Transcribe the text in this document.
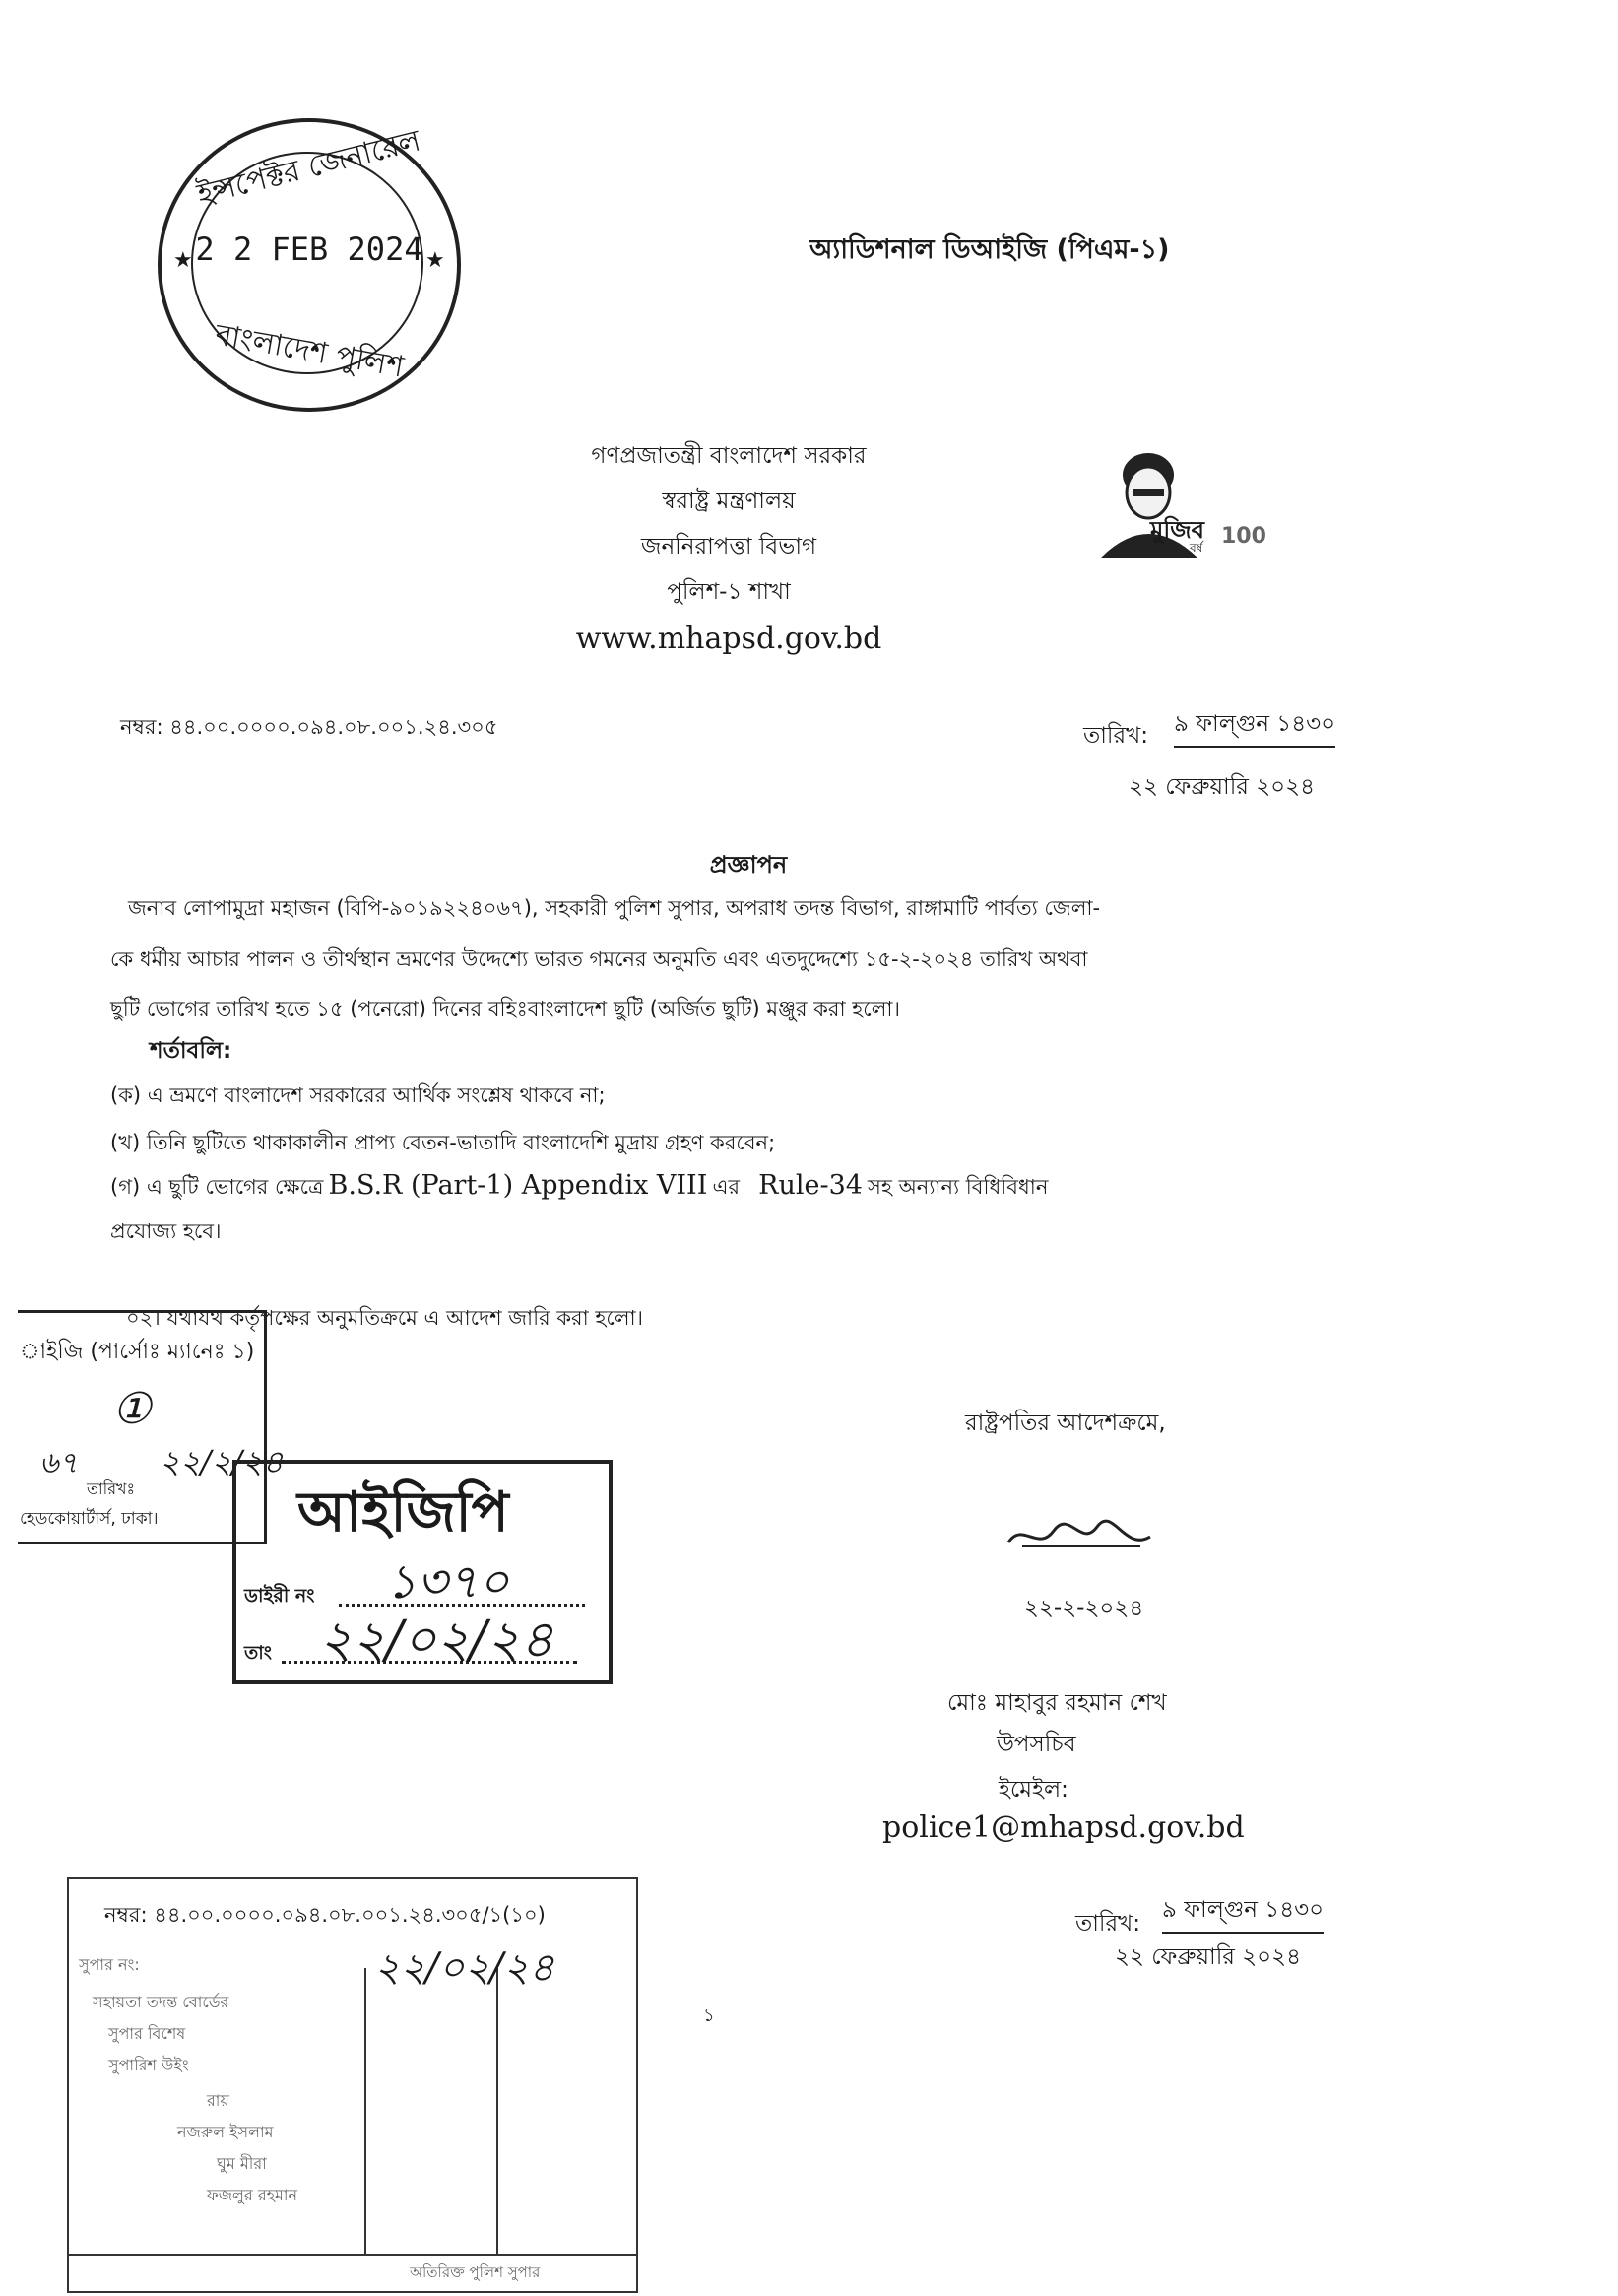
ইন্সপেক্টর জেনারেল
★	★
2 2 FEB 2024
বাংলাদেশ পুলিশ
অ্যাডিশনাল ডিআইজি (পিএম-১)
গণপ্রজাতন্ত্রী বাংলাদেশ সরকার
স্বরাষ্ট্র মন্ত্রণালয়
জননিরাপত্তা বিভাগ
পুলিশ-১ শাখা
www.mhapsd.gov.bd
মুজিব
বর্ষ 100
নম্বর: ৪৪.০০.০০০০.০৯৪.০৮.০০১.২৪.৩০৫	তারিখ: ৯ ফাল্গুন ১৪৩০
২২ ফেব্রুয়ারি ২০২৪
প্রজ্ঞাপন
জনাব লোপামুদ্রা মহাজন (বিপি-৯০১৯২২৪০৬৭), সহকারী পুলিশ সুপার, অপরাধ তদন্ত বিভাগ, রাঙ্গামাটি পার্বত্য জেলা-
কে ধর্মীয় আচার পালন ও তীর্থস্থান ভ্রমণের উদ্দেশ্যে ভারত গমনের অনুমতি এবং এতদুদ্দেশ্যে ১৫-২-২০২৪ তারিখ অথবা
ছুটি ভোগের তারিখ হতে ১৫ (পনেরো) দিনের বহিঃবাংলাদেশ ছুটি (অর্জিত ছুটি) মঞ্জুর করা হলো।
শর্তাবলি:
(ক) এ ভ্রমণে বাংলাদেশ সরকারের আর্থিক সংশ্লেষ থাকবে না;
(খ) তিনি ছুটিতে থাকাকালীন প্রাপ্য বেতন-ভাতাদি বাংলাদেশি মুদ্রায় গ্রহণ করবেন;
(গ) এ ছুটি ভোগের ক্ষেত্রে B.S.R (Part-1) Appendix VIII এর Rule-34 সহ অন্যান্য বিধিবিধান
প্রযোজ্য হবে।
০২। যথাযথ কর্তৃপক্ষের অনুমতিক্রমে এ আদেশ জারি করা হলো।
রাষ্ট্রপতির আদেশক্রমে,
২২-২-২০২৪
মোঃ মাহাবুর রহমান শেখ
উপসচিব
ইমেইল:
police1@mhapsd.gov.bd
াইজি (পার্সোঃ ম্যানেঃ ১)
①
৬৭	২২/২/২৪
তারিখঃ
হেডকোয়ার্টার্স, ঢাকা।	আইজিপি
ডাইরী নং ১৩৭০
তাং ২২/০২/২৪
নম্বর: ৪৪.০০.০০০০.০৯৪.০৮.০০১.২৪.৩০৫/১(১০)	তারিখ:
৯ ফাল্গুন ১৪৩০
২২ ফেব্রুয়ারি ২০২৪
২২/০২/২৪
সুপার নং:
সহায়তা তদন্ত বোর্ডের
সুপার বিশেষ
সুপারিশ উইং
রায়
নজরুল ইসলাম
ঘুম মীরা
ফজলুর রহমান
অতিরিক্ত পুলিশ সুপার
১
